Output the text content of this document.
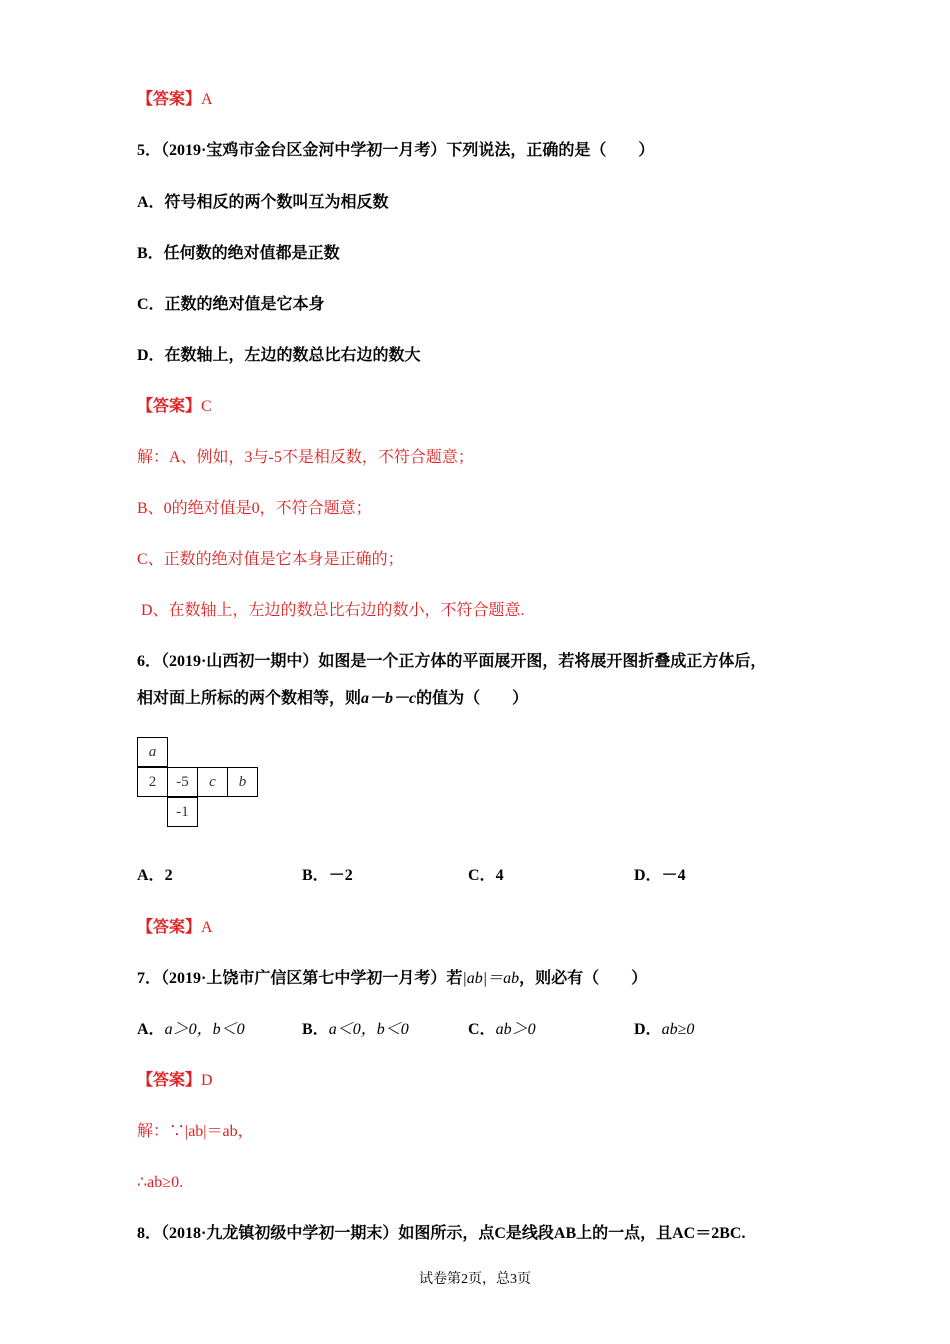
【答案】A
5．（2019·宝鸡市金台区金河中学初一月考）下列说法，正确的是（　　）
A．符号相反的两个数叫互为相反数
B．任何数的绝对值都是正数
C．正数的绝对值是它本身
D．在数轴上，左边的数总比右边的数大
【答案】C
解：A、例如，3与-5不是相反数，不符合题意；
B、0的绝对值是0，不符合题意；
C、正数的绝对值是它本身是正确的；
D、在数轴上，左边的数总比右边的数小，不符合题意.
6．（2019·山西初一期中）如图是一个正方体的平面展开图，若将展开图折叠成正方体后，
相对面上所标的两个数相等，则a－b－c的值为（　　）
a
2	-5	c	b
-1
A．2	B．－2	C．4	D．－4
【答案】A
7．（2019·上饶市广信区第七中学初一月考）若|ab|＝ab，则必有（　　）
A．a＞0，b＜0	B．a＜0，b＜0	C．ab＞0	D．ab≥0
【答案】D
解：∵|ab|＝ab，
∴ab≥0.
8．（2018·九龙镇初级中学初一期末）如图所示，点C是线段AB上的一点，且AC＝2BC.
试卷第2页，总3页
